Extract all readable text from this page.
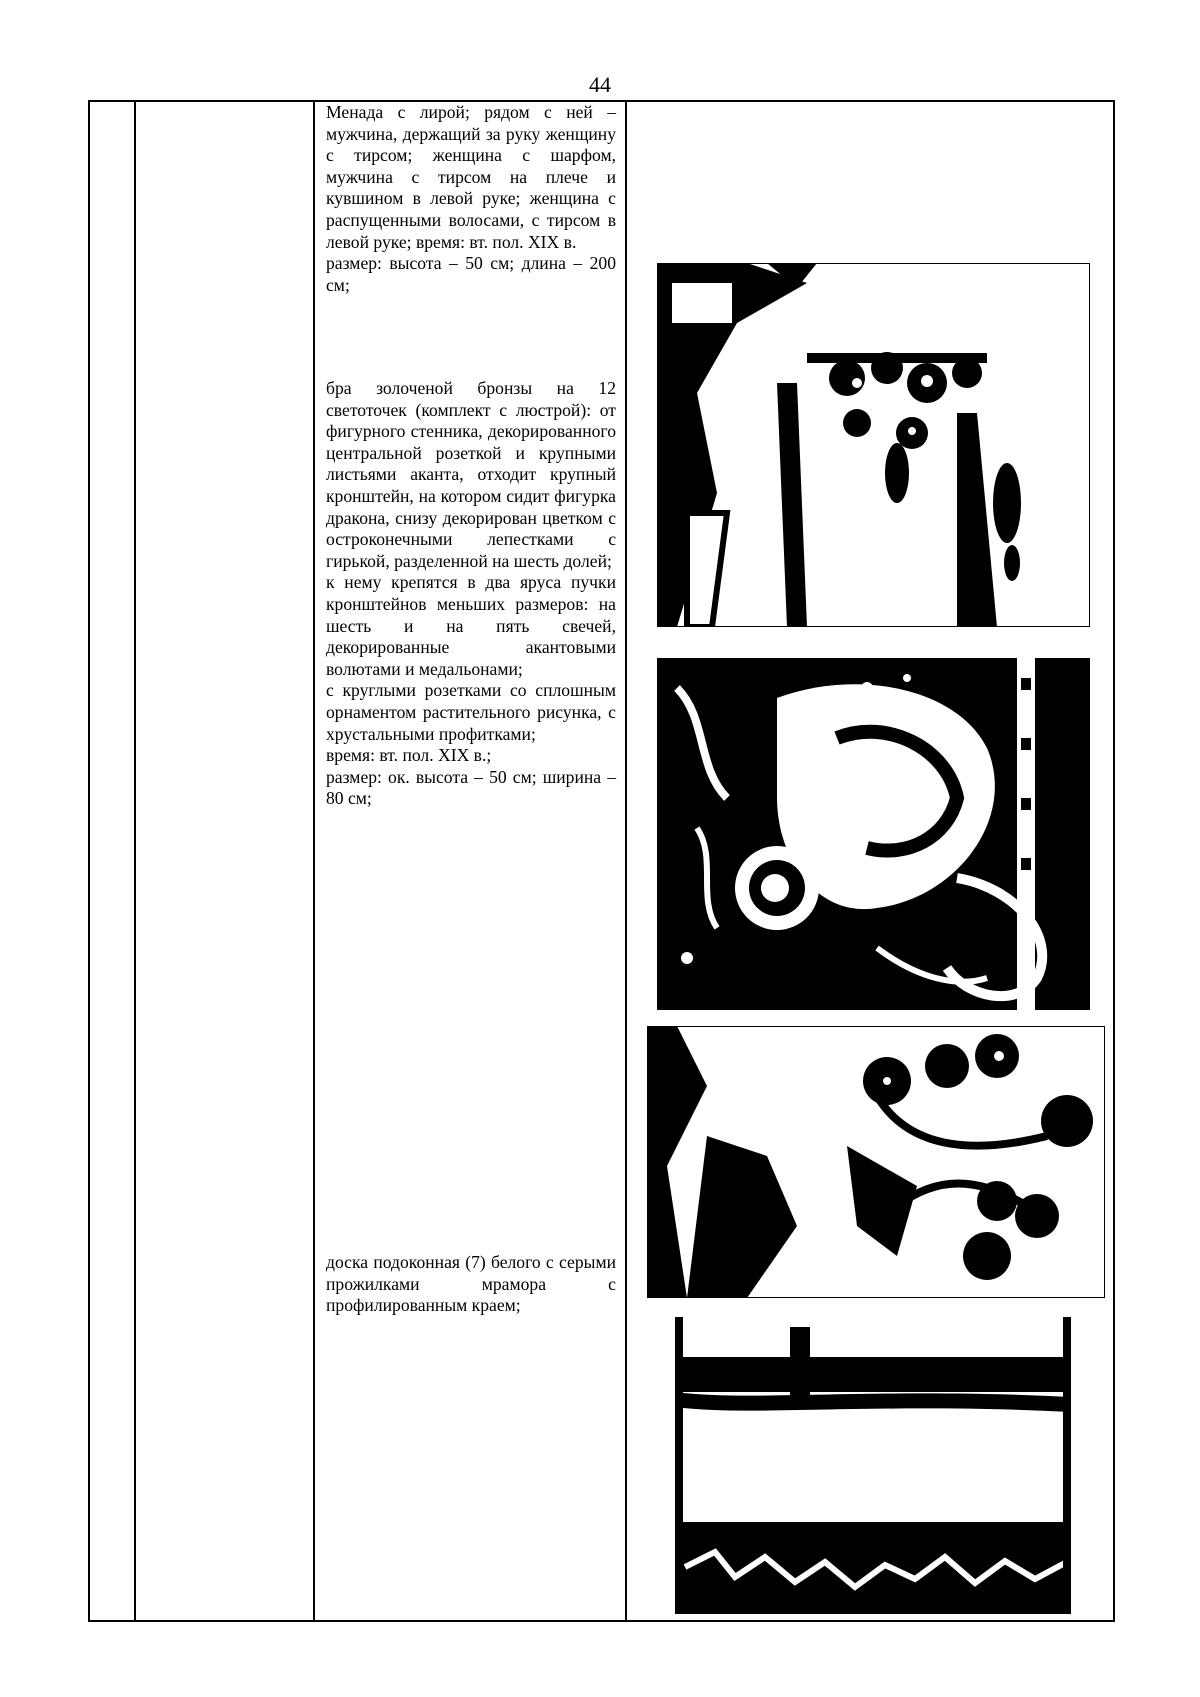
44

Менада с лирой; рядом с ней – мужчина, держащий за руку женщину с тирсом; женщина с шарфом, мужчина с тирсом на плече и кувшином в левой руке; женщина с распущенными волосами, с тирсом в левой руке; время: вт. пол. XIX в.

размер: высота – 50 см; длина – 200 см;

бра золоченой бронзы на 12 светоточек (комплект с люстрой): от фигурного стенника, декорированного центральной розеткой и крупными листьями аканта, отходит крупный кронштейн, на котором сидит фигурка дракона, снизу декорирован цветком с остроконечными лепестками с гирькой, разделенной на шесть долей;

к нему крепятся в два яруса пучки кронштейнов меньших размеров: на шесть и на пять свечей, декорированные акантовыми волютами и медальонами;

с круглыми розетками со сплошным орнаментом растительного рисунка, с хрустальными профитками;

время: вт. пол. XIX в.;

размер: ок. высота – 50 см; ширина – 80 см;

доска подоконная (7) белого с серыми прожилками мрамора с профилированным краем;
